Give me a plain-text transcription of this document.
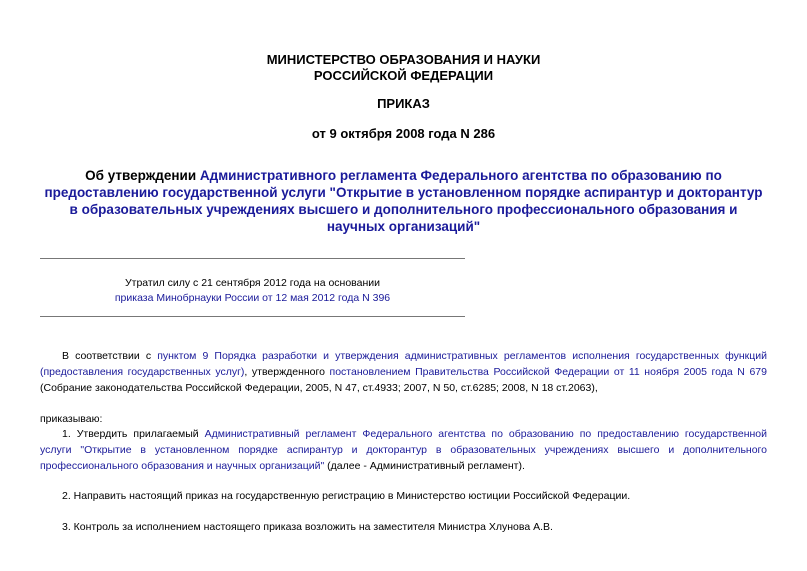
МИНИСТЕРСТВО ОБРАЗОВАНИЯ И НАУКИ
РОССИЙСКОЙ ФЕДЕРАЦИИ
ПРИКАЗ
от 9 октября 2008 года N 286
Об утверждении Административного регламента Федерального агентства по образованию по предоставлению государственной услуги "Открытие в установленном порядке аспирантур и докторантур в образовательных учреждениях высшего и дополнительного профессионального образования и научных организаций"
Утратил силу с 21 сентября 2012 года на основании
приказа Минобрнауки России от 12 мая 2012 года N 396
В соответствии с пунктом 9 Порядка разработки и утверждения административных регламентов исполнения государственных функций (предоставления государственных услуг), утвержденного постановлением Правительства Российской Федерации от 11 ноября 2005 года N 679 (Собрание законодательства Российской Федерации, 2005, N 47, ст.4933; 2007, N 50, ст.6285; 2008, N 18 ст.2063),
приказываю:
1. Утвердить прилагаемый Административный регламент Федерального агентства по образованию по предоставлению государственной услуги "Открытие в установленном порядке аспирантур и докторантур в образовательных учреждениях высшего и дополнительного профессионального образования и научных организаций" (далее - Административный регламент).
2. Направить настоящий приказ на государственную регистрацию в Министерство юстиции Российской Федерации.
3. Контроль за исполнением настоящего приказа возложить на заместителя Министра Хлунова А.В.
